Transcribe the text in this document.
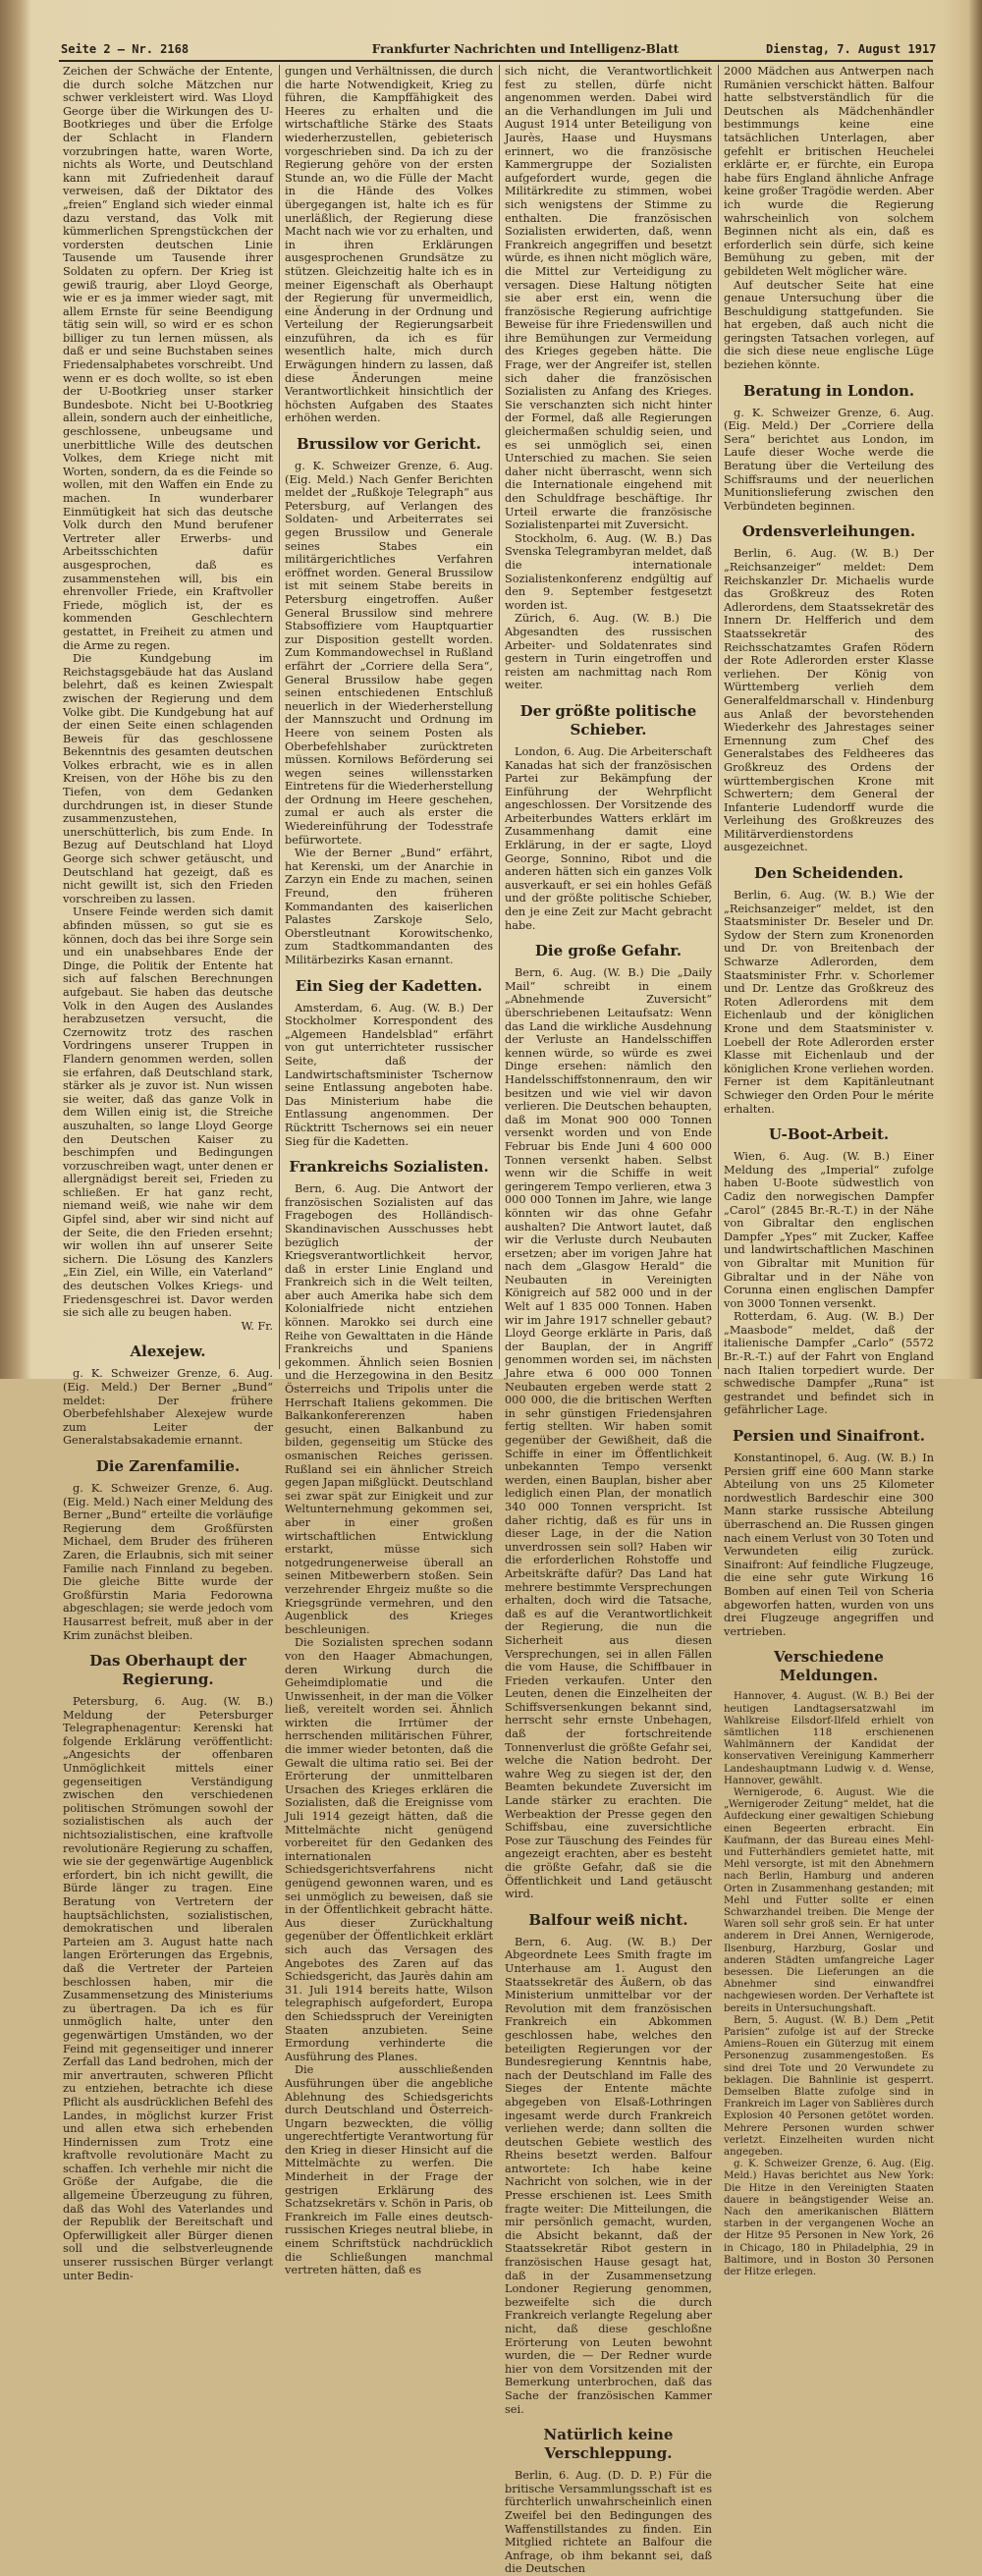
Seite 2 — Nr. 2168	Frankfurter Nachrichten und Intelligenz-Blatt	Dienstag, 7. August 1917

Zeichen der Schwäche der Entente, die durch solche Mätzchen nur schwer verkleistert wird. Was Lloyd George über die Wirkungen des U-Bootkrieges und über die Erfolge der Schlacht in Flandern vorzubringen hatte, waren Worte, nichts als Worte, und Deutschland kann mit Zufriedenheit darauf verweisen, daß der Diktator des „freien“ England sich wieder einmal dazu verstand, das Volk mit kümmerlichen Sprengstückchen der vordersten deutschen Linie Tausende um Tausende ihrer Soldaten zu opfern. Der Krieg ist gewiß traurig, aber Lloyd George, wie er es ja immer wieder sagt, mit allem Ernste für seine Beendigung tätig sein will, so wird er es schon billiger zu tun lernen müssen, als daß er und seine Buchstaben seines Friedensalphabetes vorschreibt. Und wenn er es doch wollte, so ist eben der U-Bootkrieg unser starker Bundesbote. Nicht bei U-Bootkrieg allein, sondern auch der einheitliche, geschlossene, unbeugsame und unerbittliche Wille des deutschen Volkes, dem Kriege nicht mit Worten, sondern, da es die Feinde so wollen, mit den Waffen ein Ende zu machen. In wunderbarer Einmütigkeit hat sich das deutsche Volk durch den Mund berufener Vertreter aller Erwerbs- und Arbeitsschichten dafür ausgesprochen, daß es zusammenstehen will, bis ein ehrenvoller Friede, ein Kraftvoller Friede, möglich ist, der es kommenden Geschlechtern gestattet, in Freiheit zu atmen und die Arme zu regen.

Die Kundgebung im Reichstagsgebäude hat das Ausland belehrt, daß es keinen Zwiespalt zwischen der Regierung und dem Volke gibt. Die Kundgebung hat auf der einen Seite einen schlagenden Beweis für das geschlossene Bekenntnis des gesamten deutschen Volkes erbracht, wie es in allen Kreisen, von der Höhe bis zu den Tiefen, von dem Gedanken durchdrungen ist, in dieser Stunde zusammenzustehen, unerschütterlich, bis zum Ende. In Bezug auf Deutschland hat Lloyd George sich schwer getäuscht, und Deutschland hat gezeigt, daß es nicht gewillt ist, sich den Frieden vorschreiben zu lassen.

Unsere Feinde werden sich damit abfinden müssen, so gut sie es können, doch das bei ihre Sorge sein und ein unabsehbares Ende der Dinge, die Politik der Entente hat sich auf falschen Berechnungen aufgebaut. Sie haben das deutsche Volk in den Augen des Auslandes herabzusetzen versucht, die Czernowitz trotz des raschen Vordringens unserer Truppen in Flandern genommen werden, sollen sie erfahren, daß Deutschland stark, stärker als je zuvor ist. Nun wissen sie weiter, daß das ganze Volk in dem Willen einig ist, die Streiche auszuhalten, so lange Lloyd George den Deutschen Kaiser zu beschimpfen und Bedingungen vorzuschreiben wagt, unter denen er allergnädigst bereit sei, Frieden zu schließen. Er hat ganz recht, niemand weiß, wie nahe wir dem Gipfel sind, aber wir sind nicht auf der Seite, die den Frieden ersehnt; wir wollen ihn auf unserer Seite sichern. Die Lösung des Kanzlers „Ein Ziel, ein Wille, ein Vaterland“ des deutschen Volkes Kriegs- und Friedensgeschrei ist. Davor werden sie sich alle zu beugen haben.

W. Fr.

Alexejew.

g. K. Schweizer Grenze, 6. Aug. (Eig. Meld.) Der Berner „Bund“ meldet: Der frühere Oberbefehlshaber Alexejew wurde zum Leiter der Generalstabsakademie ernannt.

Die Zarenfamilie.

g. K. Schweizer Grenze, 6. Aug. (Eig. Meld.) Nach einer Meldung des Berner „Bund“ erteilte die vorläufige Regierung dem Großfürsten Michael, dem Bruder des früheren Zaren, die Erlaubnis, sich mit seiner Familie nach Finnland zu begeben. Die gleiche Bitte wurde der Großfürstin Maria Fedorowna abgeschlagen; sie werde jedoch vom Hausarrest befreit, muß aber in der Krim zunächst bleiben.

Das Oberhaupt der Regierung.

Petersburg, 6. Aug. (W. B.) Meldung der Petersburger Telegraphenagentur: Kerenski hat folgende Erklärung veröffentlicht: „Angesichts der offenbaren Unmöglichkeit mittels einer gegenseitigen Verständigung zwischen den verschiedenen politischen Strömungen sowohl der sozialistischen als auch der nichtsozialistischen, eine kraftvolle revolutionäre Regierung zu schaffen, wie sie der gegenwärtige Augenblick erfordert, bin ich nicht gewillt, die Bürde länger zu tragen. Eine Beratung von Vertretern der hauptsächlichsten, sozialistischen, demokratischen und liberalen Parteien am 3. August hatte nach langen Erörterungen das Ergebnis, daß die Vertreter der Parteien beschlossen haben, mir die Zusammensetzung des Ministeriums zu übertragen. Da ich es für unmöglich halte, unter den gegenwärtigen Umständen, wo der Feind mit gegenseitiger und innerer Zerfall das Land bedrohen, mich der mir anvertrauten, schweren Pflicht zu entziehen, betrachte ich diese Pflicht als ausdrücklichen Befehl des Landes, in möglichst kurzer Frist und allen etwa sich erhebenden Hindernissen zum Trotz eine kraftvolle revolutionäre Macht zu schaffen. Ich verhehle mir nicht die Größe der Aufgabe, die die allgemeine Überzeugung zu führen, daß das Wohl des Vaterlandes und der Republik der Bereitschaft und Opferwilligkeit aller Bürger dienen soll und die selbstverleugnende unserer russischen Bürger verlangt unter Bedin-

gungen und Verhältnissen, die durch die harte Notwendigkeit, Krieg zu führen, die Kampffähigkeit des Heeres zu erhalten und die wirtschaftliche Stärke des Staats wiederherzustellen, gebieterisch vorgeschrieben sind. Da ich zu der Regierung gehöre von der ersten Stunde an, wo die Fülle der Macht in die Hände des Volkes übergegangen ist, halte ich es für unerläßlich, der Regierung diese Macht nach wie vor zu erhalten, und in ihren Erklärungen ausgesprochenen Grundsätze zu stützen. Gleichzeitig halte ich es in meiner Eigenschaft als Oberhaupt der Regierung für unvermeidlich, eine Änderung in der Ordnung und Verteilung der Regierungsarbeit einzuführen, da ich es für wesentlich halte, mich durch Erwägungen hindern zu lassen, daß diese Änderungen meine Verantwortlichkeit hinsichtlich der höchsten Aufgaben des Staates erhöhen werden.

Brussilow vor Gericht.

g. K. Schweizer Grenze, 6. Aug. (Eig. Meld.) Nach Genfer Berichten meldet der „Rußkoje Telegraph“ aus Petersburg, auf Verlangen des Soldaten- und Arbeiterrates sei gegen Brussilow und Generale seines Stabes ein militärgerichtliches Verfahren eröffnet worden. General Brussilow ist mit seinem Stabe bereits in Petersburg eingetroffen. Außer General Brussilow sind mehrere Stabsoffiziere vom Hauptquartier zur Disposition gestellt worden. Zum Kommandowechsel in Rußland erfährt der „Corriere della Sera“, General Brussilow habe gegen seinen entschiedenen Entschluß neuerlich in der Wiederherstellung der Mannszucht und Ordnung im Heere von seinem Posten als Oberbefehlshaber zurücktreten müssen. Kornilows Beförderung sei wegen seines willensstarken Eintretens für die Wiederherstellung der Ordnung im Heere geschehen, zumal er auch als erster die Wiedereinführung der Todesstrafe befürwortete.

Wie der Berner „Bund“ erfährt, hat Kerenski, um der Anarchie in Zarzyn ein Ende zu machen, seinen Freund, den früheren Kommandanten des kaiserlichen Palastes Zarskoje Selo, Oberstleutnant Korowitschenko, zum Stadtkommandanten des Militärbezirks Kasan ernannt.

Ein Sieg der Kadetten.

Amsterdam, 6. Aug. (W. B.) Der Stockholmer Korrespondent des „Algemeen Handelsblad“ erfährt von gut unterrichteter russischer Seite, daß der Landwirtschaftsminister Tschernow seine Entlassung angeboten habe. Das Ministerium habe die Entlassung angenommen. Der Rücktritt Tschernows sei ein neuer Sieg für die Kadetten.

Frankreichs Sozialisten.

Bern, 6. Aug. Die Antwort der französischen Sozialisten auf das Fragebogen des Holländisch-Skandinavischen Ausschusses hebt bezüglich der Kriegsverantwortlichkeit hervor, daß in erster Linie England und Frankreich sich in die Welt teilten, aber auch Amerika habe sich dem Kolonialfriede nicht entziehen können. Marokko sei durch eine Reihe von Gewalttaten in die Hände Frankreichs und Spaniens gekommen. Ähnlich seien Bosnien und die Herzegowina in den Besitz Österreichs und Tripolis unter die Herrschaft Italiens gekommen. Die Balkankonfererenzen haben gesucht, einen Balkanbund zu bilden, gegenseitig um Stücke des osmanischen Reiches gerissen. Rußland sei ein ähnlicher Streich gegen Japan mißglückt. Deutschland sei zwar spät zur Einigkeit und zur Weltunternehmung gekommen sei, aber in einer großen wirtschaftlichen Entwicklung erstarkt, müsse sich notgedrungenerweise überall an seinen Mitbewerbern stoßen. Sein verzehrender Ehrgeiz mußte so die Kriegsgründe vermehren, und den Augenblick des Krieges beschleunigen.

Die Sozialisten sprechen sodann von den Haager Abmachungen, deren Wirkung durch die Geheimdiplomatie und die Unwissenheit, in der man die Völker ließ, vereitelt worden sei. Ähnlich wirkten die Irrtümer der herrschenden militärischen Führer, die immer wieder betonten, daß die Gewalt die ultima ratio sei. Bei der Erörterung der unmittelbaren Ursachen des Krieges erklären die Sozialisten, daß die Ereignisse vom Juli 1914 gezeigt hätten, daß die Mittelmächte nicht genügend vorbereitet für den Gedanken des internationalen Schiedsgerichtsverfahrens nicht genügend gewonnen waren, und es sei unmöglich zu beweisen, daß sie in der Öffentlichkeit gebracht hätte. Aus dieser Zurückhaltung gegenüber der Öffentlichkeit erklärt sich auch das Versagen des Angebotes des Zaren auf das Schiedsgericht, das Jaurès dahin am 31. Juli 1914 bereits hatte, Wilson telegraphisch aufgefordert, Europa den Schiedsspruch der Vereinigten Staaten anzubieten. Seine Ermordung verhinderte die Ausführung des Planes.

Die ausschließenden Ausführungen über die angebliche Ablehnung des Schiedsgerichts durch Deutschland und Österreich-Ungarn bezweckten, die völlig ungerechtfertigte Verantwortung für den Krieg in dieser Hinsicht auf die Mittelmächte zu werfen. Die Minderheit in der Frage der gestrigen Erklärung des Schatzsekretärs v. Schön in Paris, ob Frankreich im Falle eines deutsch-russischen Krieges neutral bliebe, in einem Schriftstück nachdrücklich die Schließungen manchmal vertreten hätten, daß es

sich nicht, die Verantwortlichkeit fest zu stellen, dürfe nicht angenommen werden. Dabei wird an die Verhandlungen im Juli und August 1914 unter Beteiligung von Jaurès, Haase und Huysmans erinnert, wo die französische Kammergruppe der Sozialisten aufgefordert wurde, gegen die Militärkredite zu stimmen, wobei sich wenigstens der Stimme zu enthalten. Die französischen Sozialisten erwiderten, daß, wenn Frankreich angegriffen und besetzt würde, es ihnen nicht möglich wäre, die Mittel zur Verteidigung zu versagen. Diese Haltung nötigten sie aber erst ein, wenn die französische Regierung aufrichtige Beweise für ihre Friedenswillen und ihre Bemühungen zur Vermeidung des Krieges gegeben hätte. Die Frage, wer der Angreifer ist, stellen sich daher die französischen Sozialisten zu Anfang des Krieges. Sie verschanzten sich nicht hinter der Formel, daß alle Regierungen gleichermaßen schuldig seien, und es sei unmöglich sei, einen Unterschied zu machen. Sie seien daher nicht überrascht, wenn sich die Internationale eingehend mit den Schuldfrage beschäftige. Ihr Urteil erwarte die französische Sozialistenpartei mit Zuversicht.

Stockholm, 6. Aug. (W. B.) Das Svenska Telegrambyran meldet, daß die internationale Sozialistenkonferenz endgültig auf den 9. September festgesetzt worden ist.

Zürich, 6. Aug. (W. B.) Die Abgesandten des russischen Arbeiter- und Soldatenrates sind gestern in Turin eingetroffen und reisten am nachmittag nach Rom weiter.

Der größte politische Schieber.

London, 6. Aug. Die Arbeiterschaft Kanadas hat sich der französischen Partei zur Bekämpfung der Einführung der Wehrpflicht angeschlossen. Der Vorsitzende des Arbeiterbundes Watters erklärt im Zusammenhang damit eine Erklärung, in der er sagte, Lloyd George, Sonnino, Ribot und die anderen hätten sich ein ganzes Volk ausverkauft, er sei ein hohles Gefäß und der größte politische Schieber, den je eine Zeit zur Macht gebracht habe.

Die große Gefahr.

Bern, 6. Aug. (W. B.) Die „Daily Mail“ schreibt in einem „Abnehmende Zuversicht“ überschriebenen Leitaufsatz: Wenn das Land die wirkliche Ausdehnung der Verluste an Handelsschiffen kennen würde, so würde es zwei Dinge ersehen: nämlich den Handelsschiffstonnenraum, den wir besitzen und wie viel wir davon verlieren. Die Deutschen behaupten, daß im Monat 900 000 Tonnen versenkt worden und von Ende Februar bis Ende Juni 4 600 000 Tonnen versenkt haben. Selbst wenn wir die Schiffe in weit geringerem Tempo verlieren, etwa 3 000 000 Tonnen im Jahre, wie lange könnten wir das ohne Gefahr aushalten? Die Antwort lautet, daß wir die Verluste durch Neubauten ersetzen; aber im vorigen Jahre hat nach dem „Glasgow Herald“ die Neubauten in Vereinigten Königreich auf 582 000 und in der Welt auf 1 835 000 Tonnen. Haben wir im Jahre 1917 schneller gebaut? Lloyd George erklärte in Paris, daß der Bauplan, der in Angriff genommen worden sei, im nächsten Jahre etwa 6 000 000 Tonnen Neubauten ergeben werde statt 2 000 000, die die britischen Werften in sehr günstigen Friedensjahren fertig stellten. Wir haben somit gegenüber der Gewißheit, daß die Schiffe in einer im Öffentlichkeit unbekannten Tempo versenkt werden, einen Bauplan, bisher aber lediglich einen Plan, der monatlich 340 000 Tonnen verspricht. Ist daher richtig, daß es für uns in dieser Lage, in der die Nation unverdrossen sein soll? Haben wir die erforderlichen Rohstoffe und Arbeitskräfte dafür? Das Land hat mehrere bestimmte Versprechungen erhalten, doch wird die Tatsache, daß es auf die Verantwortlichkeit der Regierung, die nun die Sicherheit aus diesen Versprechungen, sei in allen Fällen die vom Hause, die Schiffbauer in Frieden verkaufen. Unter den Leuten, denen die Einzelheiten der Schiffsversenkungen bekannt sind, herrscht sehr ernste Unbehagen, daß der fortschreitende Tonnenverlust die größte Gefahr sei, welche die Nation bedroht. Der wahre Weg zu siegen ist der, den Beamten bekundete Zuversicht im Lande stärker zu erachten. Die Werbeaktion der Presse gegen den Schiffsbau, eine zuversichtliche Pose zur Täuschung des Feindes für angezeigt erachten, aber es besteht die größte Gefahr, daß sie die Öffentlichkeit und Land getäuscht wird.

Balfour weiß nicht.

Bern, 6. Aug. (W. B.) Der Abgeordnete Lees Smith fragte im Unterhause am 1. August den Staatssekretär des Äußern, ob das Ministerium unmittelbar vor der Revolution mit dem französischen Frankreich ein Abkommen geschlossen habe, welches den beteiligten Regierungen vor der Bundesregierung Kenntnis habe, nach der Deutschland im Falle des Sieges der Entente mächte abgegeben von Elsaß-Lothringen ingesamt werde durch Frankreich verliehen werde; dann sollten die deutschen Gebiete westlich des Rheins besetzt werden. Balfour antwortete: Ich habe keine Nachricht von solchen, wie in der Presse erschienen ist. Lees Smith fragte weiter: Die Mitteilungen, die mir persönlich gemacht, wurden, die Absicht bekannt, daß der Staatssekretär Ribot gestern in französischen Hause gesagt hat, daß in der Zusammensetzung Londoner Regierung genommen, bezweifelte sich die durch Frankreich verlangte Regelung aber nicht, daß diese geschloßne Erörterung von Leuten bewohnt wurden, die — Der Redner wurde hier von dem Vorsitzenden mit der Bemerkung unterbrochen, daß das Sache der französischen Kammer sei.

Natürlich keine Verschleppung.

Berlin, 6. Aug. (D. D. P.) Für die britische Versammlungsschaft ist es fürchterlich unwahrscheinlich einen Zweifel bei den Bedingungen des Waffenstillstandes zu finden. Ein Mitglied richtete an Balfour die Anfrage, ob ihm bekannt sei, daß die Deutschen

2000 Mädchen aus Antwerpen nach Rumänien verschickt hätten. Balfour hatte selbstverständlich für die Deutschen als Mädchenhändler bestimmungs keine eine tatsächlichen Unterlagen, aber gefehlt er britischen Heuchelei erklärte er, er fürchte, ein Europa habe fürs England ähnliche Anfrage keine großer Tragödie werden. Aber ich wurde die Regierung wahrscheinlich von solchem Beginnen nicht als ein, daß es erforderlich sein dürfe, sich keine Bemühung zu geben, mit der gebildeten Welt möglicher wäre.

Auf deutscher Seite hat eine genaue Untersuchung über die Beschuldigung stattgefunden. Sie hat ergeben, daß auch nicht die geringsten Tatsachen vorlegen, auf die sich diese neue englische Lüge beziehen könnte.

Beratung in London.

g. K. Schweizer Grenze, 6. Aug. (Eig. Meld.) Der „Corriere della Sera“ berichtet aus London, im Laufe dieser Woche werde die Beratung über die Verteilung des Schiffsraums und der neuerlichen Munitionslieferung zwischen den Verbündeten beginnen.

Ordensverleihungen.

Berlin, 6. Aug. (W. B.) Der „Reichsanzeiger“ meldet: Dem Reichskanzler Dr. Michaelis wurde das Großkreuz des Roten Adlerordens, dem Staatssekretär des Innern Dr. Helfferich und dem Staatssekretär des Reichsschatzamtes Grafen Rödern der Rote Adlerorden erster Klasse verliehen. Der König von Württemberg verlieh dem Generalfeldmarschall v. Hindenburg aus Anlaß der bevorstehenden Wiederkehr des Jahrestages seiner Ernennung zum Chef des Generalstabes des Feldheeres das Großkreuz des Ordens der württembergischen Krone mit Schwertern; dem General der Infanterie Ludendorff wurde die Verleihung des Großkreuzes des Militärverdienstordens ausgezeichnet.

Den Scheidenden.

Berlin, 6. Aug. (W. B.) Wie der „Reichsanzeiger“ meldet, ist den Staatsminister Dr. Beseler und Dr. Sydow der Stern zum Kronenorden und Dr. von Breitenbach der Schwarze Adlerorden, dem Staatsminister Frhr. v. Schorlemer und Dr. Lentze das Großkreuz des Roten Adlerordens mit dem Eichenlaub und der königlichen Krone und dem Staatsminister v. Loebell der Rote Adlerorden erster Klasse mit Eichenlaub und der königlichen Krone verliehen worden. Ferner ist dem Kapitänleutnant Schwieger den Orden Pour le mérite erhalten.

U-Boot-Arbeit.

Wien, 6. Aug. (W. B.) Einer Meldung des „Imperial“ zufolge haben U-Boote südwestlich von Cadiz den norwegischen Dampfer „Carol“ (2845 Br.-R.-T.) in der Nähe von Gibraltar den englischen Dampfer „Ypes“ mit Zucker, Kaffee und landwirtschaftlichen Maschinen von Gibraltar mit Munition für Gibraltar und in der Nähe von Corunna einen englischen Dampfer von 3000 Tonnen versenkt.

Rotterdam, 6. Aug. (W. B.) Der „Maasbode“ meldet, daß der italienische Dampfer „Carlo“ (5572 Br.-R.-T.) auf der Fahrt von England nach Italien torpediert wurde. Der schwedische Dampfer „Runa“ ist gestrandet und befindet sich in gefährlicher Lage.

Persien und Sinaifront.

Konstantinopel, 6. Aug. (W. B.) In Persien griff eine 600 Mann starke Abteilung von uns 25 Kilometer nordwestlich Bardeschir eine 300 Mann starke russische Abteilung überraschend an. Die Russen gingen nach einem Verlust von 30 Toten und Verwundeten eilig zurück. Sinaifront: Auf feindliche Flugzeuge, die eine sehr gute Wirkung 16 Bomben auf einen Teil von Scheria abgeworfen hatten, wurden von uns drei Flugzeuge angegriffen und vertrieben.

Verschiedene Meldungen.

Hannover, 4. August. (W. B.) Bei der heutigen Landtagsersatzwahl im Wahlkreise Eilsdorf-Ilfeld erhielt von sämtlichen 118 erschienenen Wahlmännern der Kandidat der konservativen Vereinigung Kammerherr Landeshauptmann Ludwig v. d. Wense, Hannover, gewählt.

Wernigerode, 6. August. Wie die „Wernigeroder Zeitung“ meldet, hat die Aufdeckung einer gewaltigen Schiebung einen Begeerten erbracht. Ein Kaufmann, der das Bureau eines Mehl- und Futterhändlers gemietet hatte, mit Mehl versorgte, ist mit den Abnehmern nach Berlin, Hamburg und anderen Orten in Zusammenhang gestanden; mit Mehl und Futter sollte er einen Schwarzhandel treiben. Die Menge der Waren soll sehr groß sein. Er hat unter anderem in Drei Annen, Wernigerode, Ilsenburg, Harzburg, Goslar und anderen Städten umfangreiche Lager besessen. Die Lieferungen an die Abnehmer sind einwandfrei nachgewiesen worden. Der Verhaftete ist bereits in Untersuchungshaft.

Bern, 5. August. (W. B.) Dem „Petit Parisien“ zufolge ist auf der Strecke Amiens–Rouen ein Güterzug mit einem Personenzug zusammengestoßen. Es sind drei Tote und 20 Verwundete zu beklagen. Die Bahnlinie ist gesperrt. Demselben Blatte zufolge sind in Frankreich im Lager von Sablières durch Explosion 40 Personen getötet worden. Mehrere Personen wurden schwer verletzt. Einzelheiten wurden nicht angegeben.

g. K. Schweizer Grenze, 6. Aug. (Eig. Meld.) Havas berichtet aus New York: Die Hitze in den Vereinigten Staaten dauere in beängstigender Weise an. Nach den amerikanischen Blättern starben in der vergangenen Woche an der Hitze 95 Personen in New York, 26 in Chicago, 180 in Philadelphia, 29 in Baltimore, und in Boston 30 Personen der Hitze erlegen.
